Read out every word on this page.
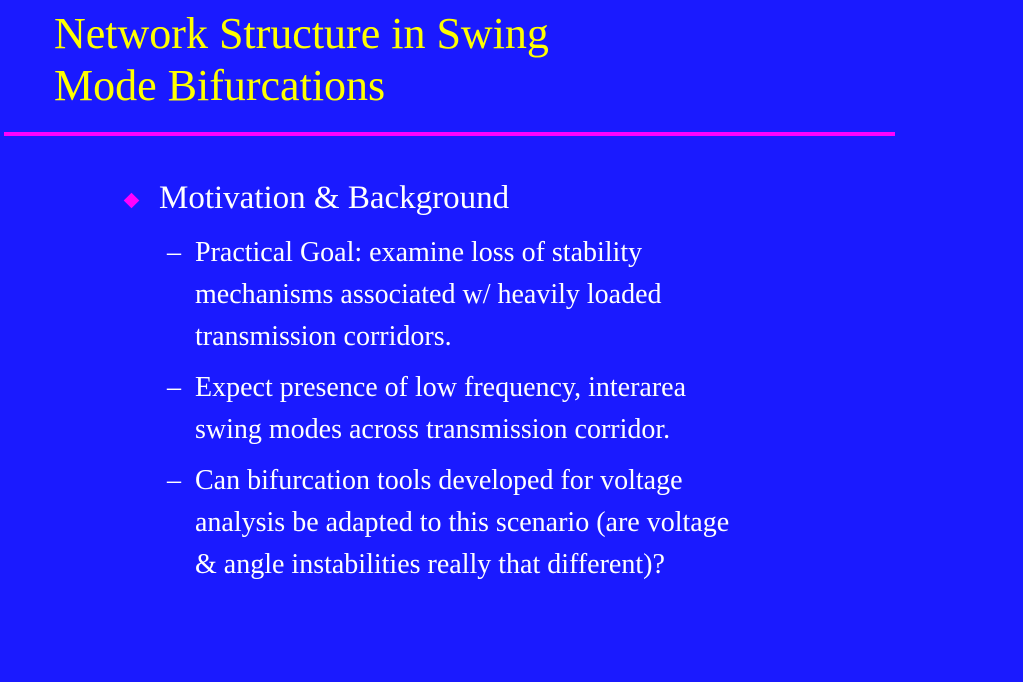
Network Structure in Swing
Mode Bifurcations
Motivation & Background
– Practical Goal: examine loss of stability
mechanisms associated w/ heavily loaded
transmission corridors.
– Expect presence of low frequency, interarea
swing modes across transmission corridor.
– Can bifurcation tools developed for voltage
analysis be adapted to this scenario (are voltage
& angle instabilities really that different)?
